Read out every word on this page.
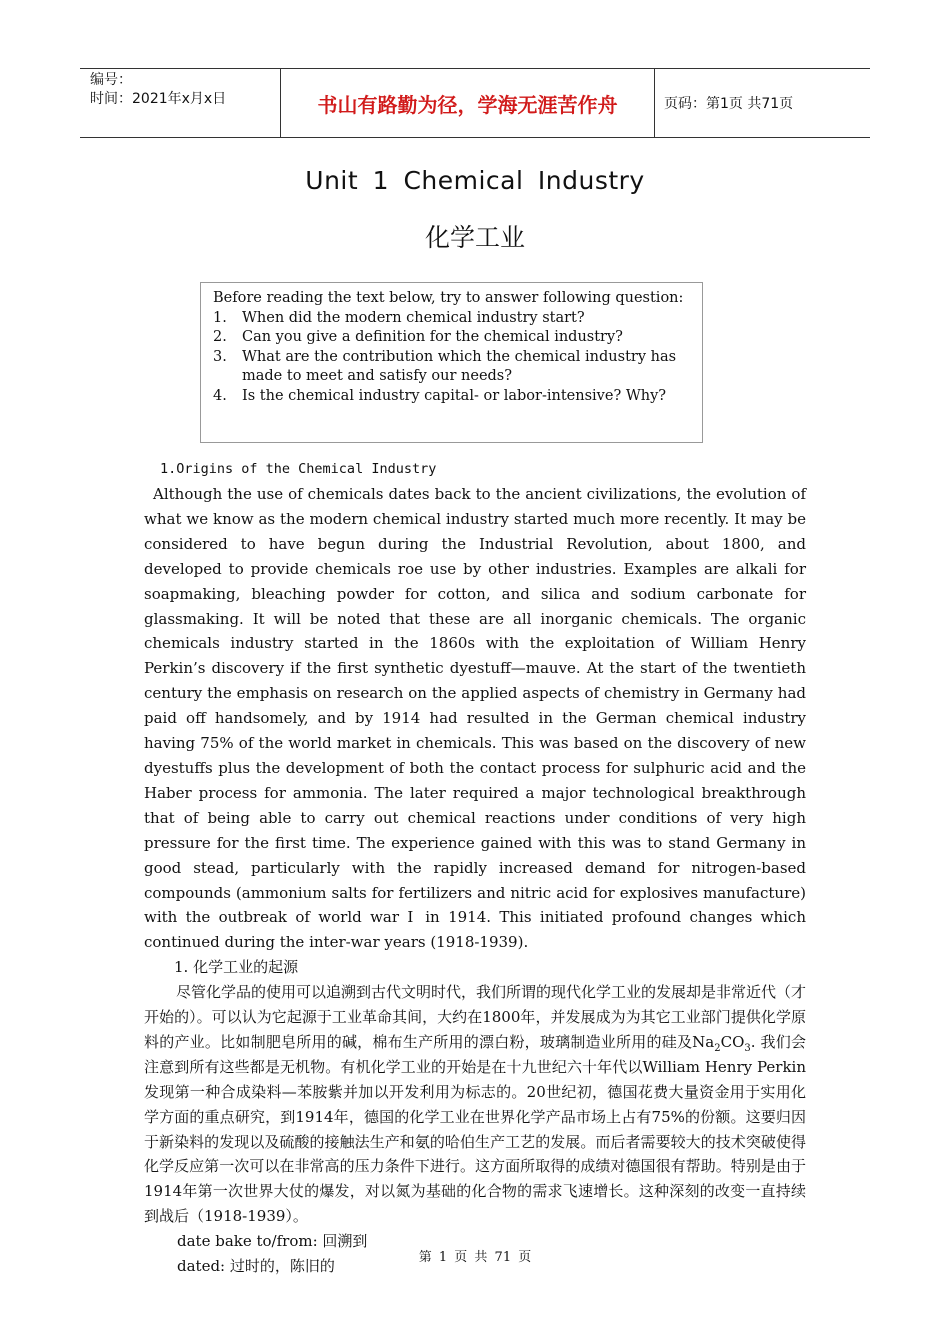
编号：
时间：2021年x月x日	书山有路勤为径，学海无涯苦作舟	页码：第1页 共71页
Unit 1 Chemical Industry
化学工业
Before reading the text below, try to answer following question:
1.	When did the modern chemical industry start?
2.	Can you give a definition for the chemical industry?
3.	What are the contribution which the chemical industry has made to meet and satisfy our needs?
4.	Is the chemical industry capital- or labor-intensive? Why?
1.Origins of the Chemical Industry

Although the use of chemicals dates back to the ancient civilizations, the evolution of what we know as the modern chemical industry started much more recently. It may be considered to have begun during the Industrial Revolution, about 1800, and developed to provide chemicals roe use by other industries. Examples are alkali for soapmaking, bleaching powder for cotton, and silica and sodium carbonate for glassmaking. It will be noted that these are all inorganic chemicals. The organic chemicals industry started in the 1860s with the exploitation of William Henry Perkin’s discovery if the first synthetic dyestuff—mauve. At the start of the twentieth century the emphasis on research on the applied aspects of chemistry in Germany had paid off handsomely, and by 1914 had resulted in the German chemical industry having 75% of the world market in chemicals. This was based on the discovery of new dyestuffs plus the development of both the contact process for sulphuric acid and the Haber process for ammonia. The later required a major technological breakthrough that of being able to carry out chemical reactions under conditions of very high pressure for the first time. The experience gained with this was to stand Germany in good stead, particularly with the rapidly increased demand for nitrogen-based compounds (ammonium salts for fertilizers and nitric acid for explosives manufacture) with the outbreak of world war Ⅰ in 1914. This initiated profound changes which continued during the inter-war years (1918-1939).

1. 化学工业的起源

尽管化学品的使用可以追溯到古代文明时代，我们所谓的现代化学工业的发展却是非常近代（才开始的）。可以认为它起源于工业革命其间，大约在1800年，并发展成为为其它工业部门提供化学原料的产业。比如制肥皂所用的碱，棉布生产所用的漂白粉，玻璃制造业所用的硅及$Na_2CO_3$. 我们会注意到所有这些都是无机物。有机化学工业的开始是在十九世纪六十年代以William Henry Perkin发现第一种合成染料—苯胺紫并加以开发利用为标志的。20世纪初，德国花费大量资金用于实用化学方面的重点研究，到1914年，德国的化学工业在世界化学产品市场上占有75%的份额。这要归因于新染料的发现以及硫酸的接触法生产和氨的哈伯生产工艺的发展。而后者需要较大的技术突破使得化学反应第一次可以在非常高的压力条件下进行。这方面所取得的成绩对德国很有帮助。特别是由于1914年第一次世界大仗的爆发，对以氮为基础的化合物的需求飞速增长。这种深刻的改变一直持续到战后（1918-1939）。

date bake to/from: 回溯到

dated: 过时的，陈旧的	第 1 页 共 71 页
